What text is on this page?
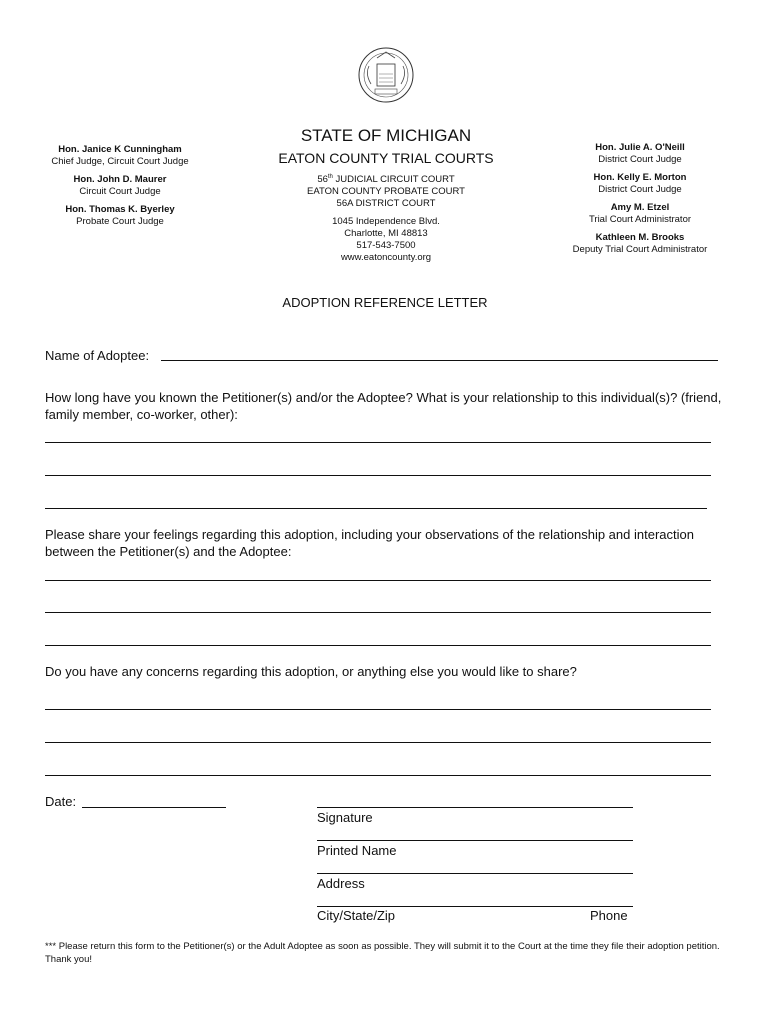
Hon. Janice K Cunningham
Chief Judge, Circuit Court Judge
Hon. John D. Maurer
Circuit Court Judge
Hon. Thomas K. Byerley
Probate Court Judge
STATE OF MICHIGAN
EATON COUNTY TRIAL COURTS
56th JUDICIAL CIRCUIT COURT
EATON COUNTY PROBATE COURT
56A DISTRICT COURT
1045 Independence Blvd.
Charlotte, MI 48813
517-543-7500
www.eatoncounty.org
Hon. Julie A. O'Neill
District Court Judge
Hon. Kelly E. Morton
District Court Judge
Amy M. Etzel
Trial Court Administrator
Kathleen M. Brooks
Deputy Trial Court Administrator
ADOPTION REFERENCE LETTER
Name of Adoptee:
How long have you known the Petitioner(s) and/or the Adoptee? What is your relationship to this individual(s)? (friend, family member, co-worker, other):
Please share your feelings regarding this adoption, including your observations of the relationship and interaction between the Petitioner(s) and the Adoptee:
Do you have any concerns regarding this adoption, or anything else you would like to share?
Date:
Signature
Printed Name
Address
City/State/Zip	Phone
*** Please return this form to the Petitioner(s) or the Adult Adoptee as soon as possible. They will submit it to the Court at the time they file their adoption petition. Thank you!
